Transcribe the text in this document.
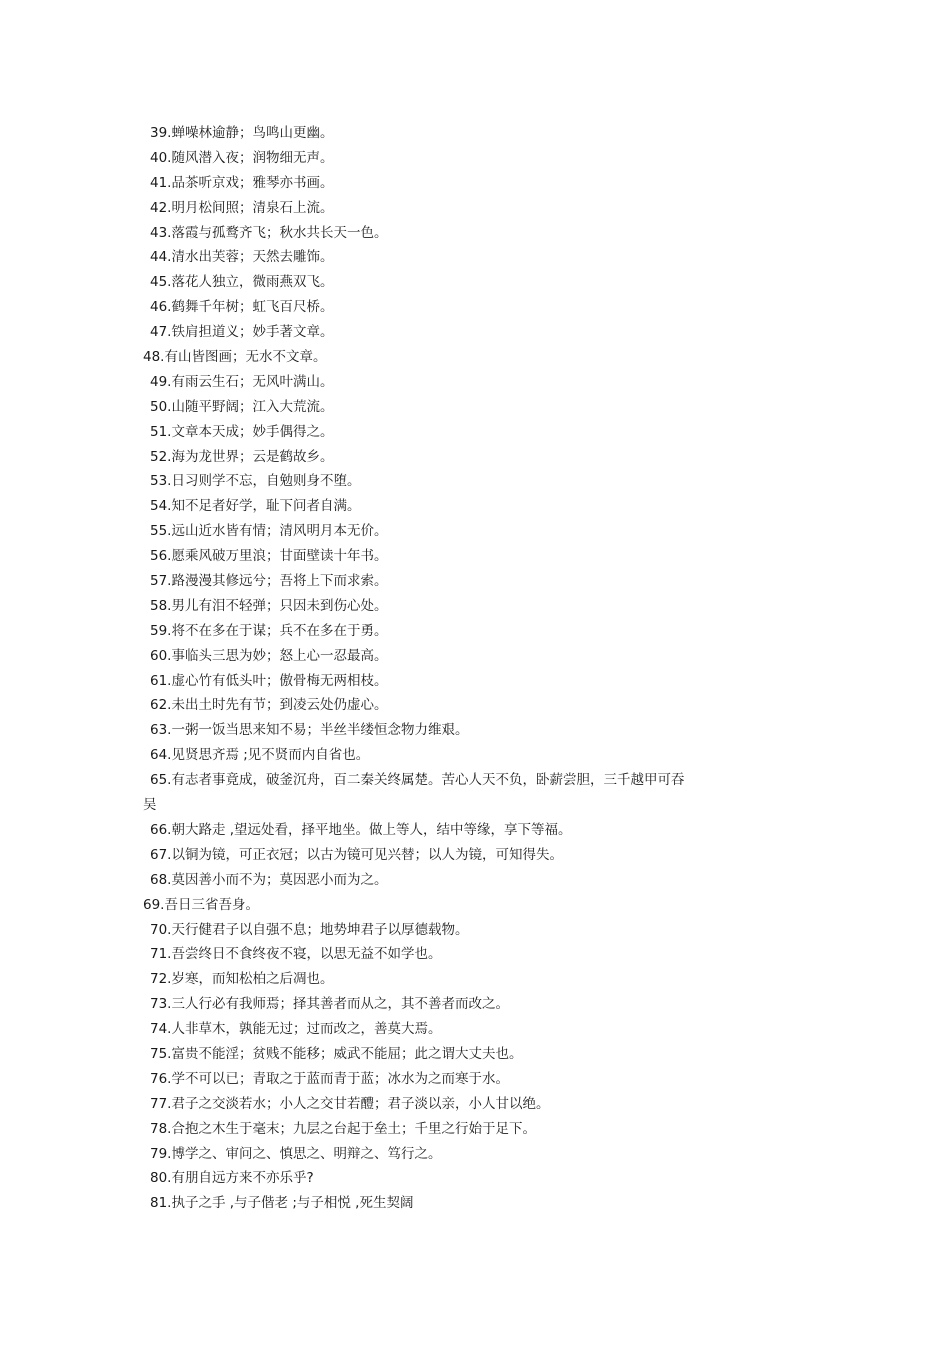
39.蝉噪林逾静；鸟鸣山更幽。
40.随风潜入夜；润物细无声。
41.品茶听京戏；雅琴亦书画。
42.明月松间照；清泉石上流。
43.落霞与孤鹜齐飞；秋水共长天一色。
44.清水出芙蓉；天然去雕饰。
45.落花人独立，微雨燕双飞。
46.鹤舞千年树；虹飞百尺桥。
47.铁肩担道义；妙手著文章。
48.有山皆图画；无水不文章。
49.有雨云生石；无风叶满山。
50.山随平野阔；江入大荒流。
51.文章本天成；妙手偶得之。
52.海为龙世界；云是鹤故乡。
53.日习则学不忘，自勉则身不堕。
54.知不足者好学，耻下问者自满。
55.远山近水皆有情；清风明月本无价。
56.愿乘风破万里浪；甘面壁读十年书。
57.路漫漫其修远兮；吾将上下而求索。
58.男儿有泪不轻弹；只因未到伤心处。
59.将不在多在于谋；兵不在多在于勇。
60.事临头三思为妙；怒上心一忍最高。
61.虚心竹有低头叶；傲骨梅无两相枝。
62.未出土时先有节；到凌云处仍虚心。
63.一粥一饭当思来知不易；半丝半缕恒念物力维艰。
64.见贤思齐焉 ;见不贤而内自省也。
65.有志者事竟成，破釜沉舟，百二秦关终属楚。苦心人天不负，卧薪尝胆，三千越甲可吞
吴
66.朝大路走 ,望远处看，择平地坐。做上等人，结中等缘，享下等福。
67.以铜为镜，可正衣冠；以古为镜可见兴替；以人为镜，可知得失。
68.莫因善小而不为；莫因恶小而为之。
69.吾日三省吾身。
70.天行健君子以自强不息；地势坤君子以厚德载物。
71.吾尝终日不食终夜不寝，以思无益不如学也。
72.岁寒，而知松柏之后凋也。
73.三人行必有我师焉；择其善者而从之，其不善者而改之。
74.人非草木，孰能无过；过而改之，善莫大焉。
75.富贵不能淫；贫贱不能移；威武不能屈；此之谓大丈夫也。
76.学不可以已；青取之于蓝而青于蓝；冰水为之而寒于水。
77.君子之交淡若水；小人之交甘若醴；君子淡以亲，小人甘以绝。
78.合抱之木生于毫末；九层之台起于垒土；千里之行始于足下。
79.博学之、审问之、慎思之、明辩之、笃行之。
80.有朋自远方来不亦乐乎?
81.执子之手 ,与子偕老 ;与子相悦 ,死生契阔
